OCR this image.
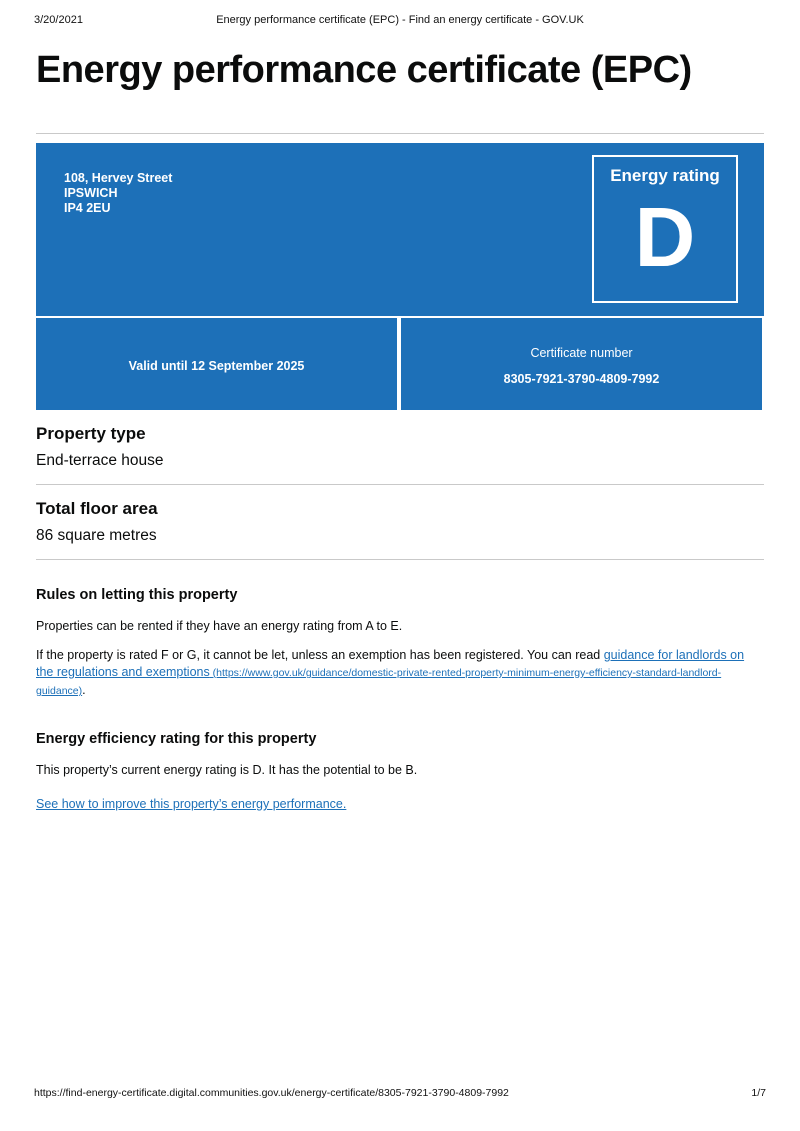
3/20/2021	Energy performance certificate (EPC) - Find an energy certificate - GOV.UK
Energy performance certificate (EPC)
108, Hervey Street
IPSWICH
IP4 2EU
Energy rating
D
Valid until 12 September 2025
Certificate number
8305-7921-3790-4809-7992
Property type

End-terrace house

Total floor area

86 square metres

Rules on letting this property

Properties can be rented if they have an energy rating from A to E.

If the property is rated F or G, it cannot be let, unless an exemption has been registered. You can read guidance for landlords on the regulations and exemptions (https://www.gov.uk/guidance/domestic-private-rented-property-minimum-energy-efficiency-standard-landlord-guidance).

Energy efficiency rating for this property

This property’s current energy rating is D. It has the potential to be B.

See how to improve this property’s energy performance.
https://find-energy-certificate.digital.communities.gov.uk/energy-certificate/8305-7921-3790-4809-7992	1/7
